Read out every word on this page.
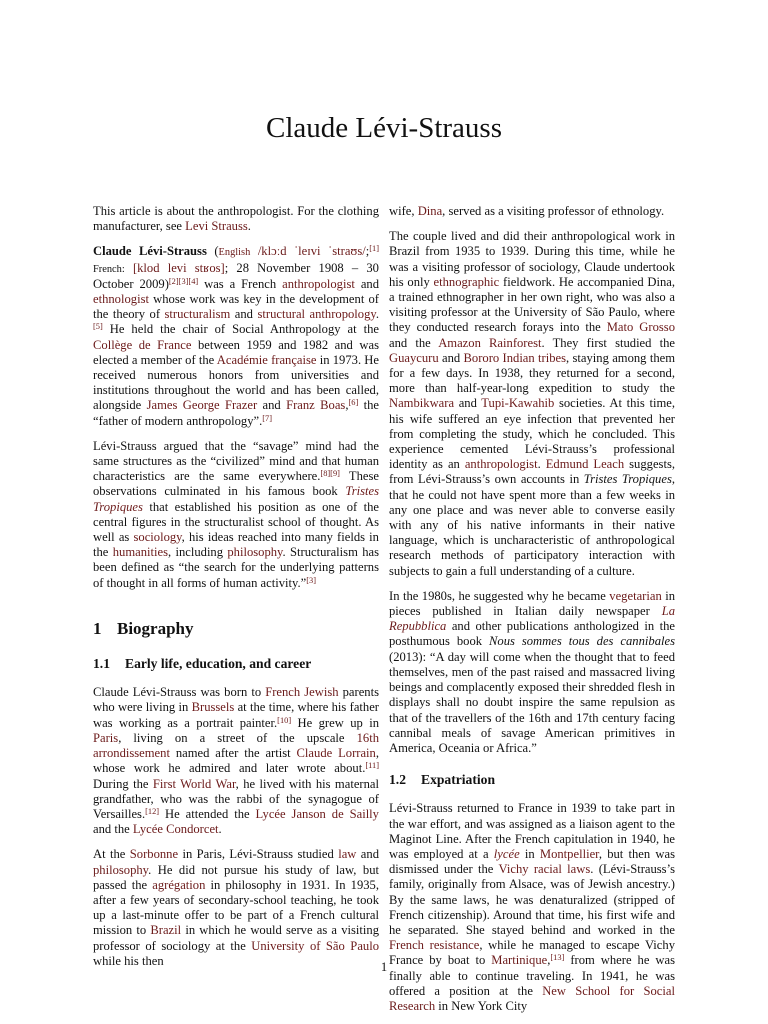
Claude Lévi-Strauss

This article is about the anthropologist. For the clothing manufacturer, see Levi Strauss.

Claude Lévi-Strauss (English /klɔːd ˈleɪvi ˈstraʊs/;[1] French: [klod levi stʁos]; 28 November 1908 – 30 October 2009)[2][3][4] was a French anthropologist and ethnologist whose work was key in the development of the theory of structuralism and structural anthropology.[5] He held the chair of Social Anthropology at the Collège de France between 1959 and 1982 and was elected a member of the Académie française in 1973. He received numerous honors from universities and institutions throughout the world and has been called, alongside James George Frazer and Franz Boas,[6] the “father of modern anthropology”.[7]

Lévi-Strauss argued that the “savage” mind had the same structures as the “civilized” mind and that human characteristics are the same everywhere.[8][9] These observations culminated in his famous book Tristes Tropiques that established his position as one of the central figures in the structuralist school of thought. As well as sociology, his ideas reached into many fields in the humanities, including philosophy. Structuralism has been defined as “the search for the underlying patterns of thought in all forms of human activity.”[3]

1 Biography
1.1 Early life, education, and career

Claude Lévi-Strauss was born to French Jewish parents who were living in Brussels at the time, where his father was working as a portrait painter.[10] He grew up in Paris, living on a street of the upscale 16th arrondissement named after the artist Claude Lorrain, whose work he admired and later wrote about.[11] During the First World War, he lived with his maternal grandfather, who was the rabbi of the synagogue of Versailles.[12] He attended the Lycée Janson de Sailly and the Lycée Condorcet.

At the Sorbonne in Paris, Lévi-Strauss studied law and philosophy. He did not pursue his study of law, but passed the agrégation in philosophy in 1931. In 1935, after a few years of secondary-school teaching, he took up a last-minute offer to be part of a French cultural mission to Brazil in which he would serve as a visiting professor of sociology at the University of São Paulo while his then

wife, Dina, served as a visiting professor of ethnology.

The couple lived and did their anthropological work in Brazil from 1935 to 1939. During this time, while he was a visiting professor of sociology, Claude undertook his only ethnographic fieldwork. He accompanied Dina, a trained ethnographer in her own right, who was also a visiting professor at the University of São Paulo, where they conducted research forays into the Mato Grosso and the Amazon Rainforest. They first studied the Guaycuru and Bororo Indian tribes, staying among them for a few days. In 1938, they returned for a second, more than half-year-long expedition to study the Nambikwara and Tupi-Kawahib societies. At this time, his wife suffered an eye infection that prevented her from completing the study, which he concluded. This experience cemented Lévi-Strauss’s professional identity as an anthropologist. Edmund Leach suggests, from Lévi-Strauss’s own accounts in Tristes Tropiques, that he could not have spent more than a few weeks in any one place and was never able to converse easily with any of his native informants in their native language, which is uncharacteristic of anthropological research methods of participatory interaction with subjects to gain a full understanding of a culture.

In the 1980s, he suggested why he became vegetarian in pieces published in Italian daily newspaper La Repubblica and other publications anthologized in the posthumous book Nous sommes tous des cannibales (2013): “A day will come when the thought that to feed themselves, men of the past raised and massacred living beings and complacently exposed their shredded flesh in displays shall no doubt inspire the same repulsion as that of the travellers of the 16th and 17th century facing cannibal meals of savage American primitives in America, Oceania or Africa.”

1.2 Expatriation

Lévi-Strauss returned to France in 1939 to take part in the war effort, and was assigned as a liaison agent to the Maginot Line. After the French capitulation in 1940, he was employed at a lycée in Montpellier, but then was dismissed under the Vichy racial laws. (Lévi-Strauss’s family, originally from Alsace, was of Jewish ancestry.) By the same laws, he was denaturalized (stripped of French citizenship). Around that time, his first wife and he separated. She stayed behind and worked in the French resistance, while he managed to escape Vichy France by boat to Martinique,[13] from where he was finally able to continue traveling. In 1941, he was offered a position at the New School for Social Research in New York City

1
